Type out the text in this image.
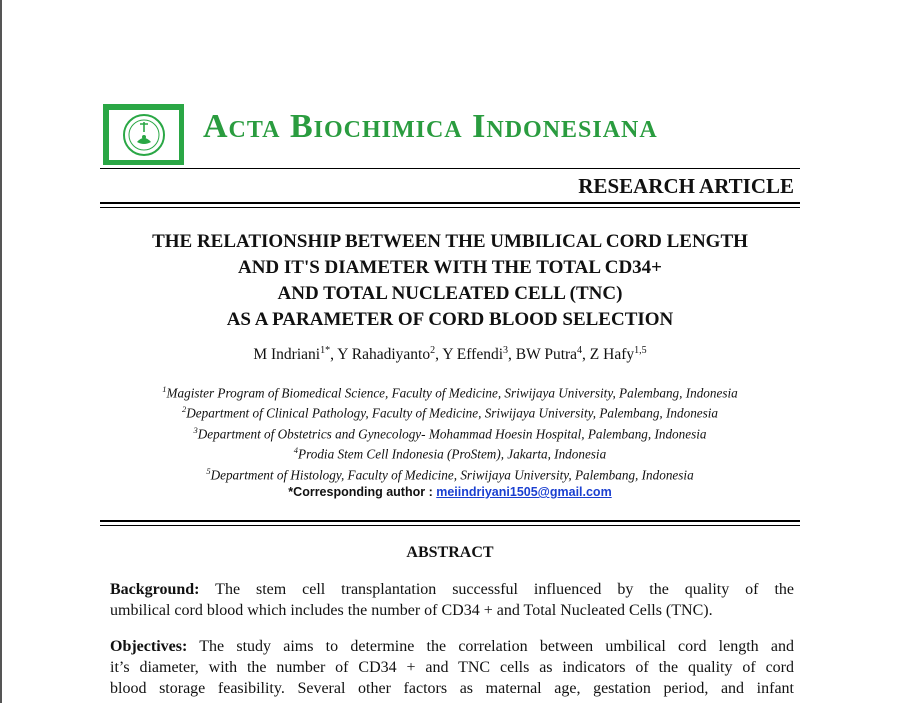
Acta Biochimica Indonesiana
RESEARCH ARTICLE
THE RELATIONSHIP BETWEEN THE UMBILICAL CORD LENGTH
AND IT'S DIAMETER WITH THE TOTAL CD34+
AND TOTAL NUCLEATED CELL (TNC)
AS A PARAMETER OF CORD BLOOD SELECTION
M Indriani$^{1*}$, Y Rahadiyanto$^2$, Y Effendi$^3$, BW Putra$^4$, Z Hafy$^{1,5}$
$^1$Magister Program of Biomedical Science, Faculty of Medicine, Sriwijaya University, Palembang, Indonesia
$^2$Department of Clinical Pathology, Faculty of Medicine, Sriwijaya University, Palembang, Indonesia
$^3$Department of Obstetrics and Gynecology- Mohammad Hoesin Hospital, Palembang, Indonesia
$^4$Prodia Stem Cell Indonesia (ProStem), Jakarta, Indonesia
$^5$Department of Histology, Faculty of Medicine, Sriwijaya University, Palembang, Indonesia
*Corresponding author : meiindriyani1505@gmail.com
ABSTRACT
Background: The stem cell transplantation successful influenced by the quality of the
umbilical cord blood which includes the number of CD34 + and Total Nucleated Cells (TNC).
Objectives: The study aims to determine the correlation between umbilical cord length and
it’s diameter, with the number of CD34 + and TNC cells as indicators of the quality of cord
blood storage feasibility. Several other factors as maternal age, gestation period, and infant
